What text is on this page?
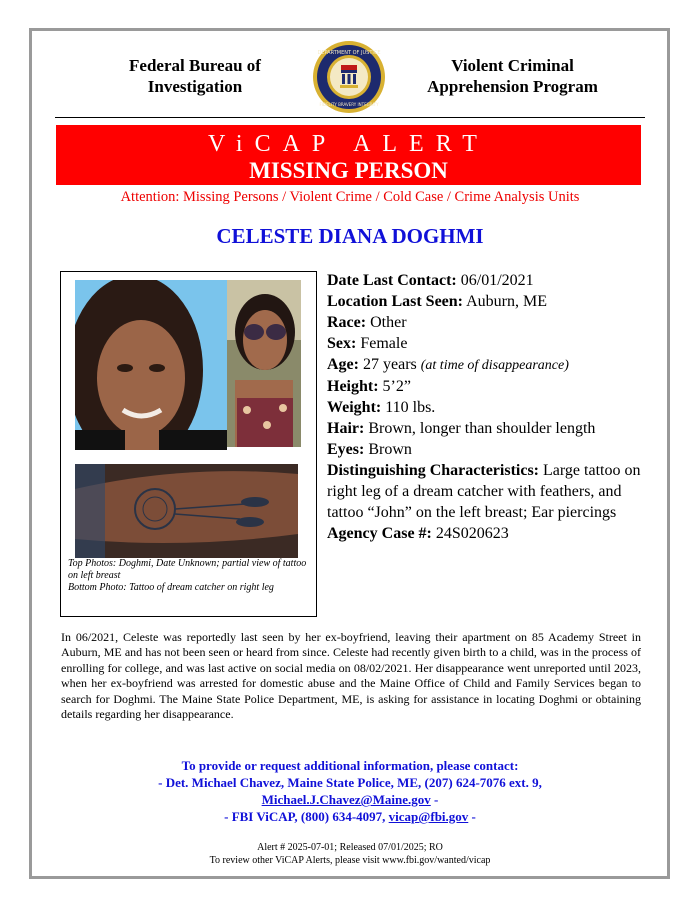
Federal Bureau of
Investigation
DEPARTMENT OF JUSTICE
FIDELITY BRAVERY INTEGRITY
Violent Criminal
Apprehension Program
ViCAP ALERT
MISSING PERSON
Attention: Missing Persons / Violent Crime / Cold Case / Crime Analysis Units
CELESTE DIANA DOGHMI
Top Photos: Doghmi, Date Unknown; partial view of tattoo on left breast
Bottom Photo: Tattoo of dream catcher on right leg
Date Last Contact: 06/01/2021
Location Last Seen: Auburn, ME
Race: Other
Sex: Female
Age: 27 years (at time of disappearance)
Height: 5’2”
Weight: 110 lbs.
Hair: Brown, longer than shoulder length
Eyes: Brown
Distinguishing Characteristics: Large tattoo on right leg of a dream catcher with feathers, and tattoo “John” on the left breast; Ear piercings
Agency Case #: 24S020623
In 06/2021, Celeste was reportedly last seen by her ex-boyfriend, leaving their apartment on 85 Academy Street in Auburn, ME and has not been seen or heard from since. Celeste had recently given birth to a child, was in the process of enrolling for college, and was last active on social media on 08/02/2021. Her disappearance went unreported until 2023, when her ex-boyfriend was arrested for domestic abuse and the Maine Office of Child and Family Services began to search for Doghmi. The Maine State Police Department, ME, is asking for assistance in locating Doghmi or obtaining details regarding her disappearance.
To provide or request additional information, please contact:
- Det. Michael Chavez, Maine State Police, ME, (207) 624-7076 ext. 9,
Michael.J.Chavez@Maine.gov -
- FBI ViCAP, (800) 634-4097, vicap@fbi.gov -
Alert # 2025-07-01; Released 07/01/2025; RO
To review other ViCAP Alerts, please visit www.fbi.gov/wanted/vicap
